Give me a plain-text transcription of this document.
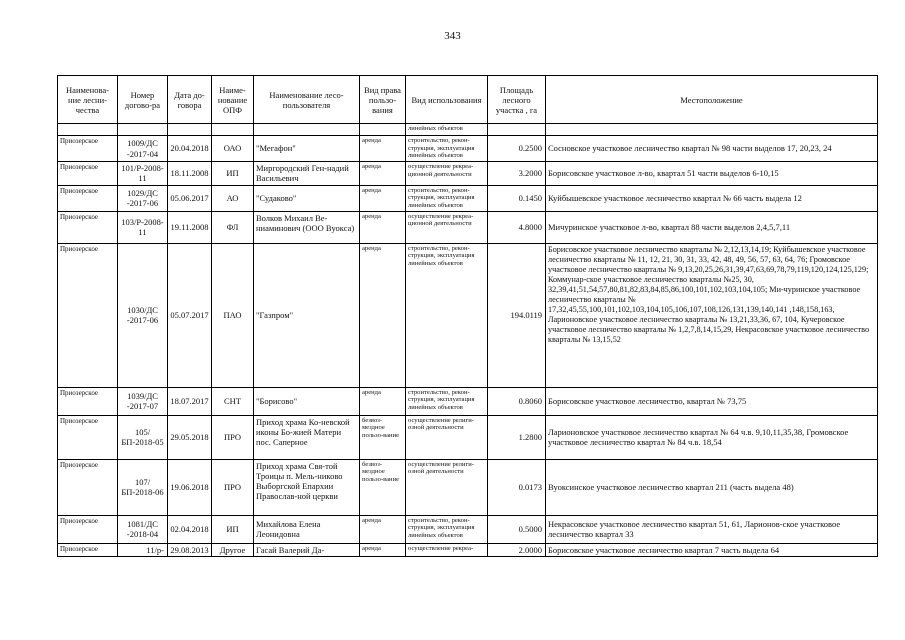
343
Наименова-ние лесни-чества	Номер догово-ра	Дата до-говора	Наиме-нование ОПФ	Наименование лесо-пользователя	Вид права пользо-вания	Вид использования	Площадь лесного участка , га	Местоположение
						линейных объектов		
Приозерское	1009/ДС -2017-04	20.04.2018	ОАО	"Мегафон"	аренда	строительство, рекон-струкция, эксплуатация линейных объектов	0.2500	Сосновское участковое лесничество квартал № 98 части выделов 17, 20,23, 24
Приозерское	101/Р-2008-11	18.11.2008	ИП	Миргородский Ген-надий Васильевич	аренда	осуществление рекреа-ционной деятельности	3.2000	Борисовское участковое л-во, квартал 51 части выделов 6-10,15
Приозерское	1029/ДС -2017-06	05.06.2017	АО	"Судаково"	аренда	строительство, рекон-струкция, эксплуатация линейных объектов	0.1450	Куйбышевское участковое лесничество квартал № 66 часть выдела 12
Приозерское	103/Р-2008-11	19.11.2008	ФЛ	Волков Михаил Ве-ниаминович (ООО Вуокса)	аренда	осуществление рекреа-ционной деятельности	4.8000	Мичуринское участковое л-во, квартал 88 части выделов 2,4,5,7,11
Приозерское	1030/ДС -2017-06	05.07.2017	ПАО	"Газпром"	аренда	строительство, рекон-струкция, эксплуатация линейных объектов	194.0119	Борисовское участковое лесничество кварталы № 2,12,13,14,19; Куйбышевское участковое лесничество кварталы № 11, 12, 21, 30, 31, 33, 42, 48, 49, 56, 57, 63, 64, 76; Громовское участковое лесничество кварталы № 9,13,20,25,26,31,39,47,63,69,78,79,119,120,124,125,129; Коммунар-ское участковое лесничество кварталы №25, 30, 32,39,41,51,54,57,80,81,82,83,84,85,86,100,101,102,103,104,105; Ми-чуринское участковое лесничество кварталы № 17,32,45,55,100,101,102,103,104,105,106,107,108,126,131,139,140,141 ,148,158,163, Ларионовское участковое лесничество кварталы № 13,21,33,36, 67, 104, Кучеровское участковое лесничество кварталы № 1,2,7,8,14,15,29, Некрасовское участковое лесничество кварталы № 13,15,52
Приозерское	1039/ДС -2017-07	18.07.2017	СНТ	"Борисово"	аренда	строительство, рекон-струкция, эксплуатация линейных объектов	0.8060	Борисовское участковое лесничество, квартал № 73,75
Приозерское	105/БП-2018-05	29.05.2018	ПРО	Приход храма Ко-невской иконы Бо-жией Матери пос. Саперное	безвоз-мездное пользо-вание	осуществление религи-озной деятельности	1.2800	Ларионовское участковое лесничество квартал № 64 ч.в. 9,10,11,35,38, Громовское участковое лесничество квартал № 84 ч.в. 18,54
Приозерское	107/БП-2018-06	19.06.2018	ПРО	Приход храма Свя-той Троицы п. Мель-никово Выборгской Епархии Православ-ной церкви	безвоз-мездное пользо-вание	осуществление религи-озной деятельности	0.0173	Вуоксинское участковое лесничество квартал 211 (часть выдела 48)
Приозерское	1081/ДС -2018-04	02.04.2018	ИП	Михайлова Елена Леонидовна	аренда	строительство, рекон-струкция, эксплуатация линейных объектов	0.5000	Некрасовское участковое лесничество квартал 51, 61, Ларионов-ское участковое лесничество квартал 33
Приозерское	11/р-	29.08.2013	Другое	Гасай Валерий Да-	аренда	осуществление рекреа-	2.0000	Борисовское участковое лесничество квартал 7 часть выдела 64
